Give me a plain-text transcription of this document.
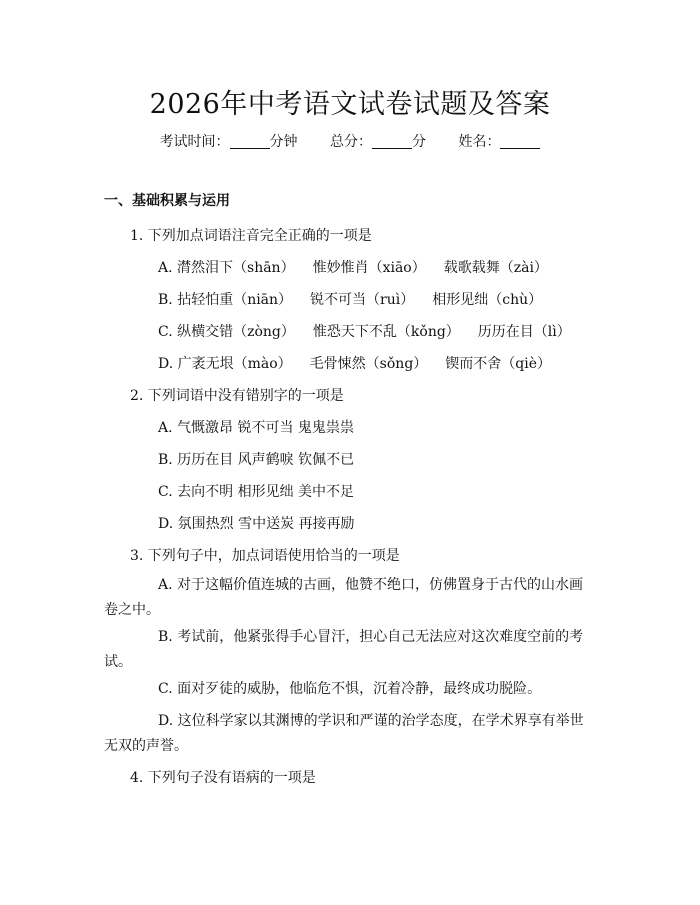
2026年中考语文试卷试题及答案
考试时间：	分钟 总分：	分 姓名：
一、基础积累与运用
1. 下列加点词语注音完全正确的一项是
A. 潸然泪下（shān） 惟妙惟肖（xiāo） 载歌载舞（zài）
B. 拈轻怕重（niān） 锐不可当（ruì） 相形见绌（chù）
C. 纵横交错（zòng） 惟恐天下不乱（kǒng） 历历在目（lì）
D. 广袤无垠（mào） 毛骨悚然（sǒng） 锲而不舍（qiè）
2. 下列词语中没有错别字的一项是
A. 气慨激昂 锐不可当 鬼鬼祟祟
B. 历历在目 风声鹤唳 钦佩不已
C. 去向不明 相形见绌 美中不足
D. 氛围热烈 雪中送炭 再接再励
3. 下列句子中，加点词语使用恰当的一项是
A. 对于这幅价值连城的古画，他赞不绝口，仿佛置身于古代的山水画卷之中。
B. 考试前，他紧张得手心冒汗，担心自己无法应对这次难度空前的考试。
C. 面对歹徒的威胁，他临危不惧，沉着冷静，最终成功脱险。
D. 这位科学家以其渊博的学识和严谨的治学态度，在学术界享有举世无双的声誉。
4. 下列句子没有语病的一项是
